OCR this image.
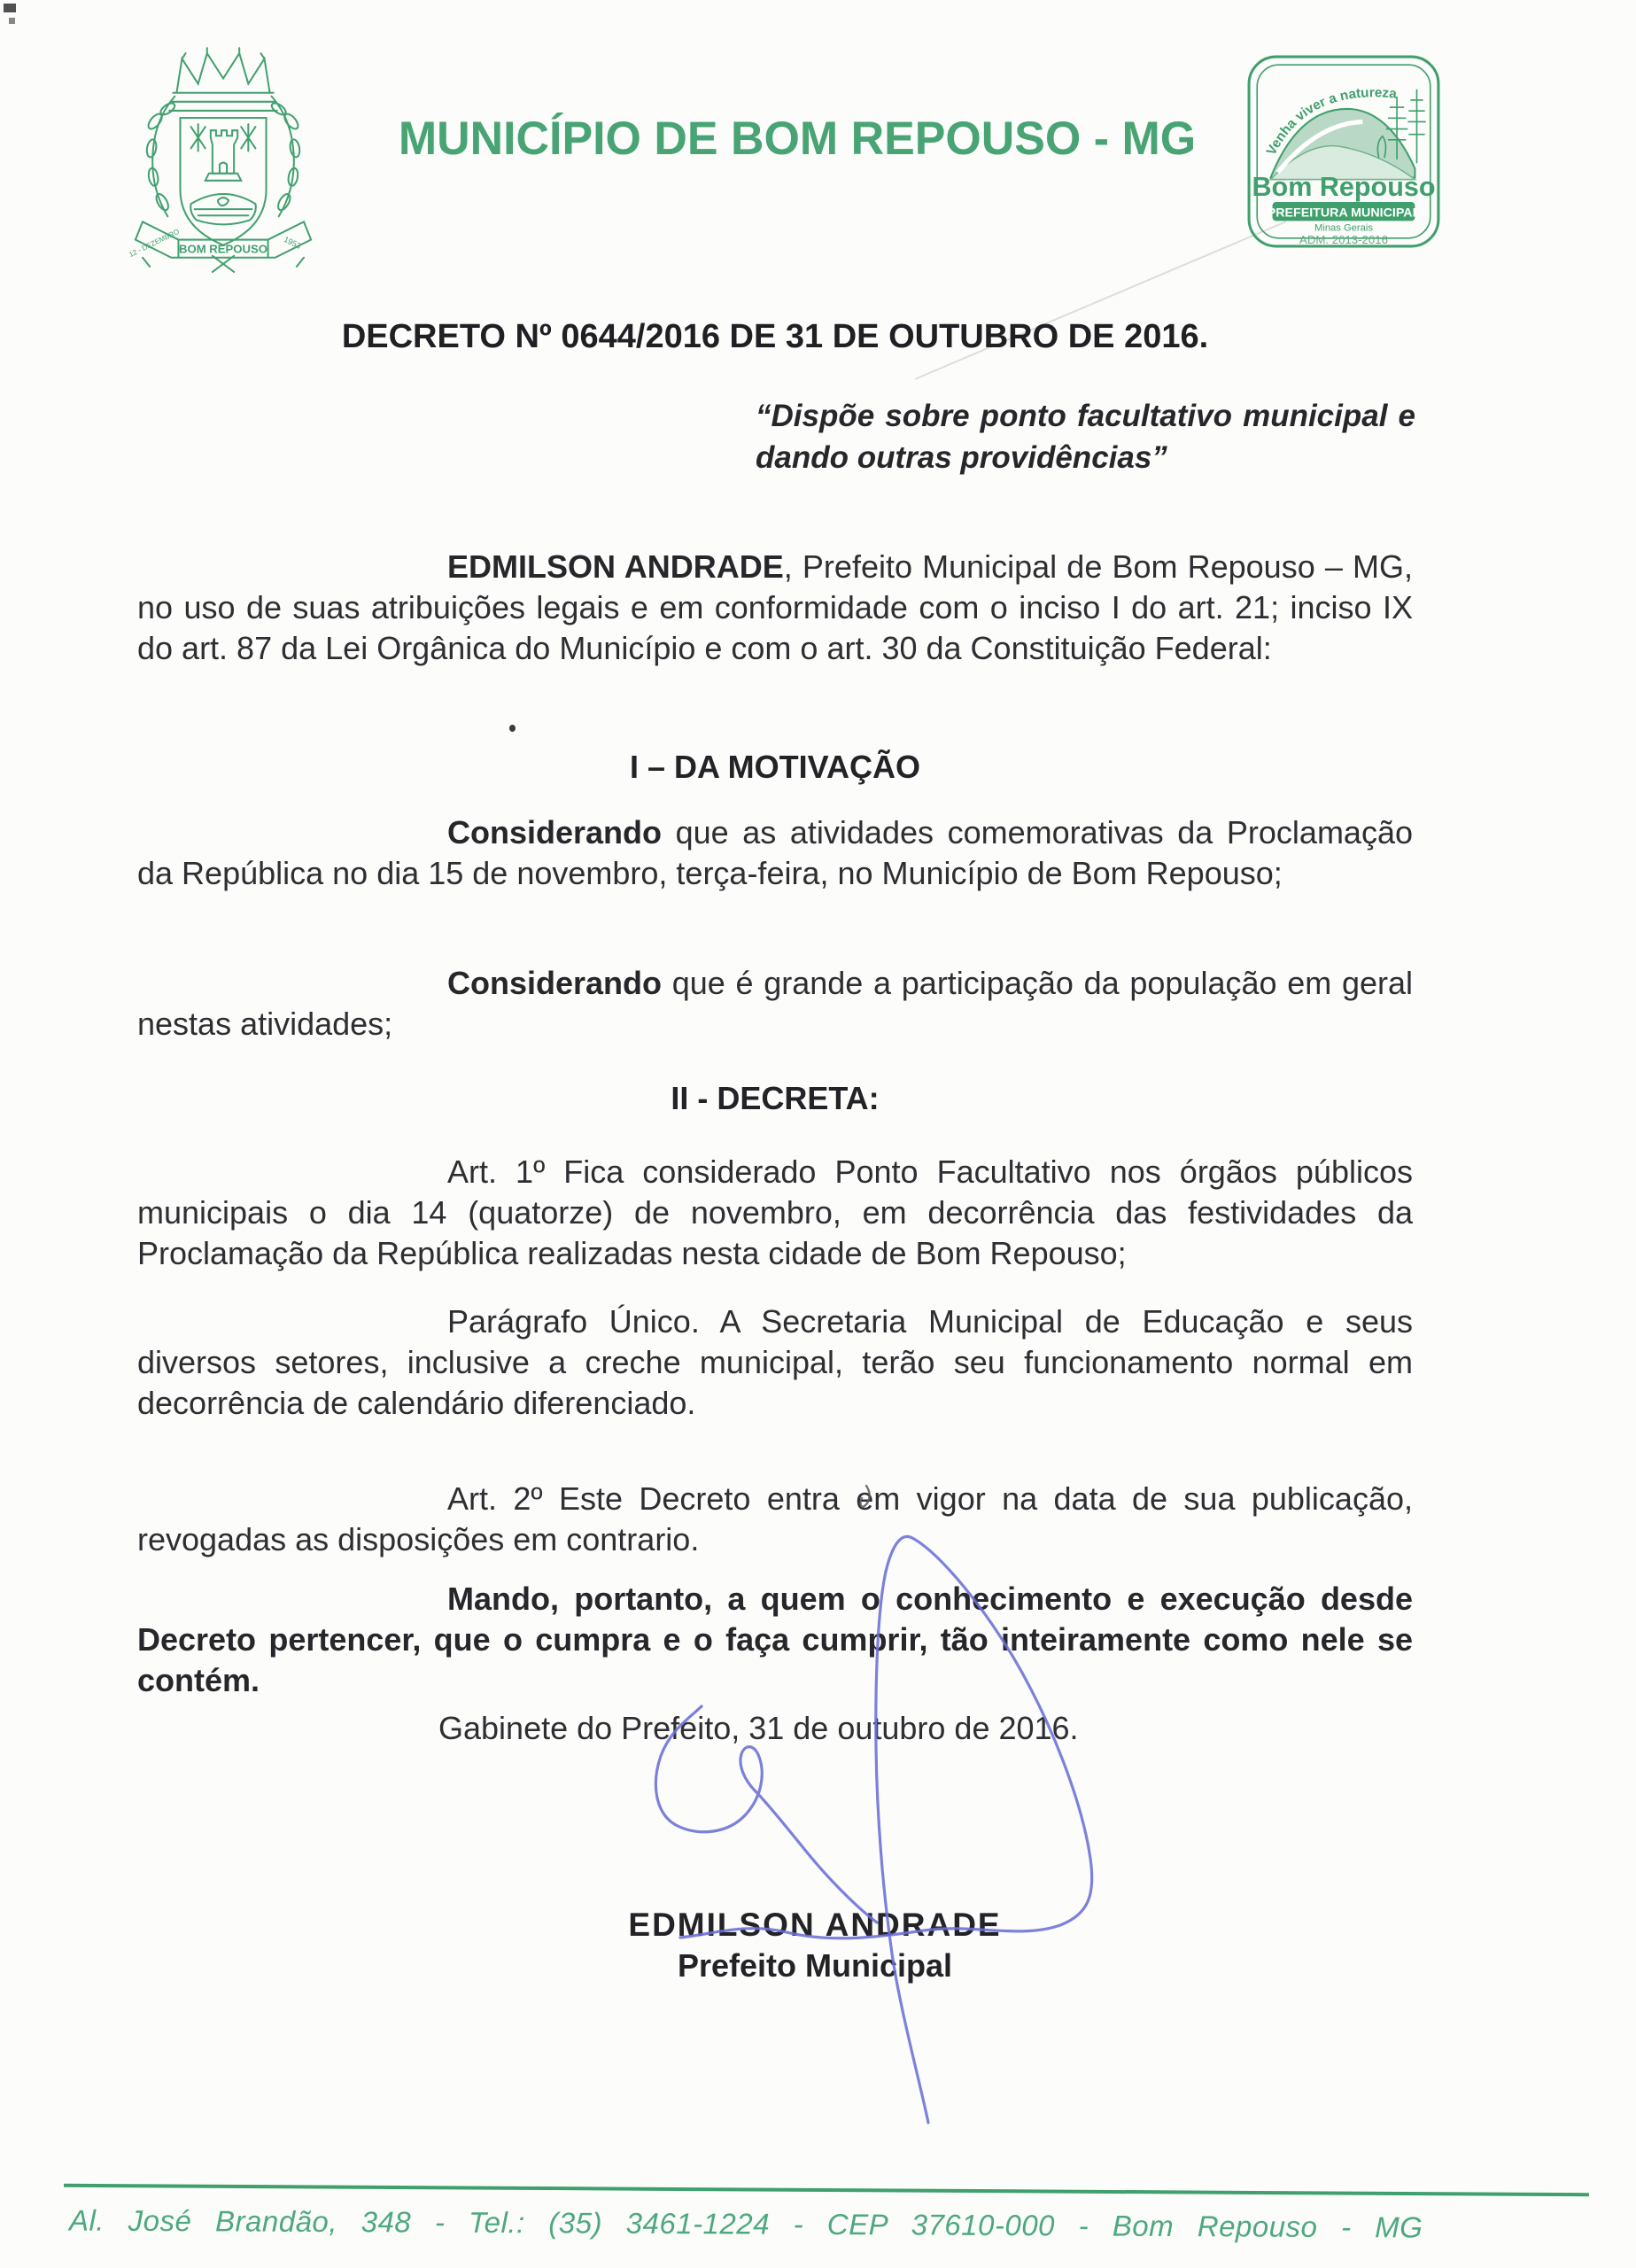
BOM REPOUSO
12 - DEZEMBRO	1953
MUNICÍPIO DE BOM REPOUSO - MG	Venha viver a natureza
Bom Repouso
PREFEITURA MUNICIPAL
Minas Gerais
ADM. 2013-2016
DECRETO Nº 0644/2016 DE 31 DE OUTUBRO DE 2016.
“Dispõe sobre ponto facultativo municipal e dando outras providências”
EDMILSON ANDRADE, Prefeito Municipal de Bom Repouso – MG, no uso de suas atribuições legais e em conformidade com o inciso I do art. 21; inciso IX do art. 87 da Lei Orgânica do Município e com o art. 30 da Constituição Federal:
I – DA MOTIVAÇÃO
Considerando que as atividades comemorativas da Proclamação da República no dia 15 de novembro, terça-feira, no Município de Bom Repouso;
Considerando que é grande a participação da população em geral nestas atividades;
II - DECRETA:
Art. 1º Fica considerado Ponto Facultativo nos órgãos públicos municipais o dia 14 (quatorze) de novembro, em decorrência das festividades da Proclamação da República realizadas nesta cidade de Bom Repouso;
Parágrafo Único. A Secretaria Municipal de Educação e seus diversos setores, inclusive a creche municipal, terão seu funcionamento normal em decorrência de calendário diferenciado.
Art. 2º Este Decreto entra em vigor na data de sua publicação, revogadas as disposições em contrario.
Mando, portanto, a quem o conhecimento e execução desde Decreto pertencer, que o cumpra e o faça cumprir, tão inteiramente como nele se contém.
Gabinete do Prefeito, 31 de outubro de 2016.
EDMILSON ANDRADE
Prefeito Municipal
Al. José Brandão, 348 - Tel.: (35) 3461-1224 - CEP 37610-000 - Bom Repouso - MG
